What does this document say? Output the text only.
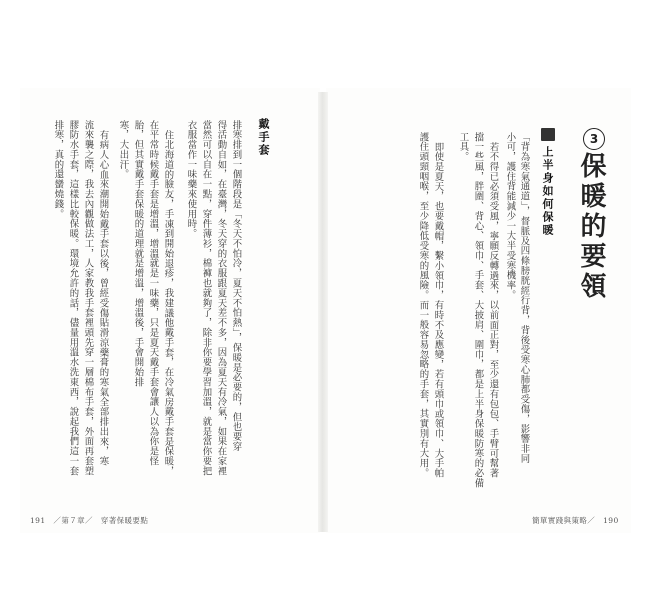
3
保暖的要領
上半身如何保暖
「背為寒氣通道」，督脈及四條膀胱經行背，背後受寒心肺都受傷，影響非同
小可，護住背能減少一大半受寒機率。
若不得已必須受風，寧願反轉過來，以前面正對，至少還有包包、手臂可幫著
擋一些風，胖圍、背心、領巾、手套、大披肩、圍巾，都是上半身保暖防寒的必備
工具。
即使是夏天，也要戴帽，繫小領巾，有時不及應變，若有頭巾或領巾、大手帕
護住頭頸咽喉，至少降低受寒的風險。而一般容易忽略的手套，其實別有大用。
簡單實踐與策略／　190
戴手套
排寒排到一個階段是「冬天不怕冷，夏天不怕熱」，保暖是必要的，但也要穿
得活動自如，在臺灣，冬天穿的衣服跟夏天差不多，因為夏天有冷氣，如果在家裡
當然可以自在一點，穿件薄衫，棉褲也就夠了，除非你要學習加溫，就是當你要把
衣服當作一味藥來使用時。
住北海道的臉友，手凍到開始退疹，我建議他戴手套，在冷氣房戴手套是保暖，
在平常時候戴手套是增溫，增溫就是一味藥，只是夏天戴手套會讓人以為你是怪
胎，但其實戴手套保暖的道理就是增溫，增溫後，手會開始排
寒，大出汗。
有病人心血來潮開始戴手套以後，曾經受傷貼滑涼藥膏的寒氣全部排出來，寒
流來襲之際，我去內觀做法工，人家教我手套裡頭先穿一層棉布手套，外面再套塑
膠防水手套，這樣比較保暖。環境允許的話，儘量用溫水洗東西，說起我們這一套
排寒，真的還蠻燒錢。
191　／第７章／　穿著保暖要點
